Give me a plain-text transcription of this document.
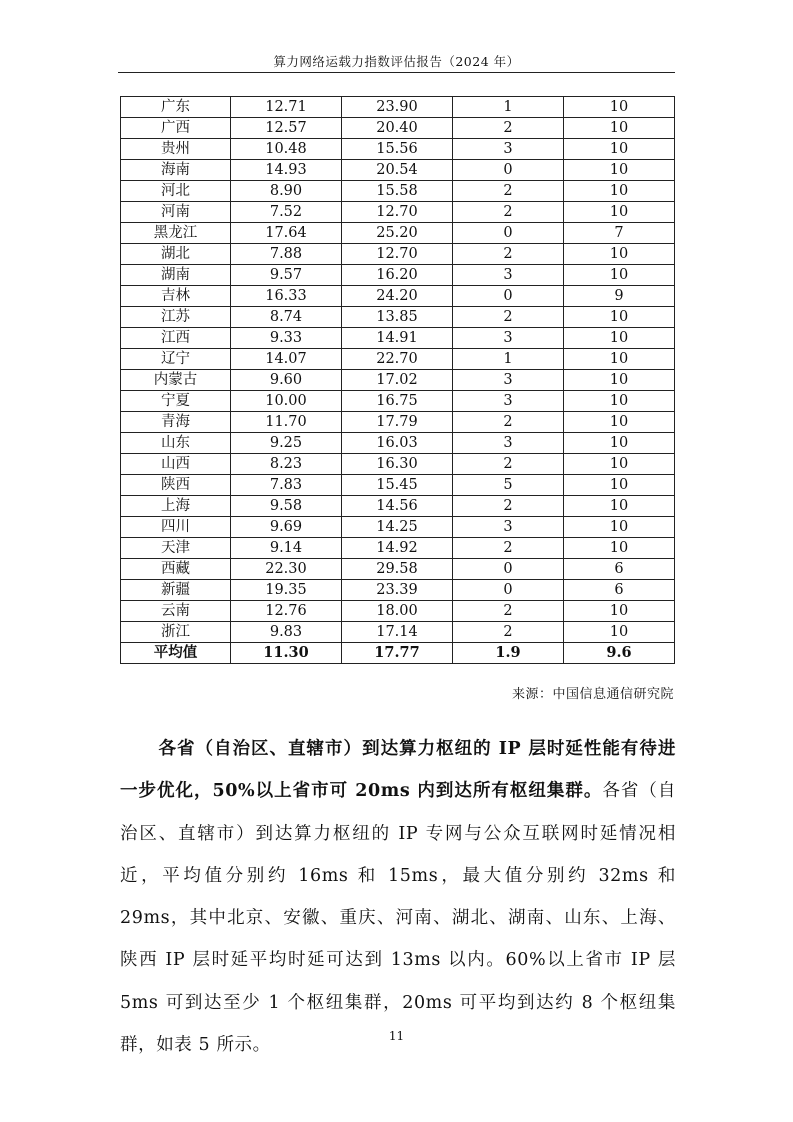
算力网络运载力指数评估报告（2024 年）
广东	12.71	23.90	1	10
广西	12.57	20.40	2	10
贵州	10.48	15.56	3	10
海南	14.93	20.54	0	10
河北	8.90	15.58	2	10
河南	7.52	12.70	2	10
黑龙江	17.64	25.20	0	7
湖北	7.88	12.70	2	10
湖南	9.57	16.20	3	10
吉林	16.33	24.20	0	9
江苏	8.74	13.85	2	10
江西	9.33	14.91	3	10
辽宁	14.07	22.70	1	10
内蒙古	9.60	17.02	3	10
宁夏	10.00	16.75	3	10
青海	11.70	17.79	2	10
山东	9.25	16.03	3	10
山西	8.23	16.30	2	10
陕西	7.83	15.45	5	10
上海	9.58	14.56	2	10
四川	9.69	14.25	3	10
天津	9.14	14.92	2	10
西藏	22.30	29.58	0	6
新疆	19.35	23.39	0	6
云南	12.76	18.00	2	10
浙江	9.83	17.14	2	10
平均值	11.30	17.77	1.9	9.6
来源：中国信息通信研究院

各省（自治区、直辖市）到达算力枢纽的 IP 层时延性能有待进一步优化，50%以上省市可 20ms 内到达所有枢纽集群。各省（自治区、直辖市）到达算力枢纽的 IP 专网与公众互联网时延情况相近，平均值分别约 16ms 和 15ms，最大值分别约 32ms 和 29ms，其中北京、安徽、重庆、河南、湖北、湖南、山东、上海、陕西 IP 层时延平均时延可达到 13ms 以内。60%以上省市 IP 层 5ms 可到达至少 1 个枢纽集群，20ms 可平均到达约 8 个枢纽集群，如表 5 所示。	11
